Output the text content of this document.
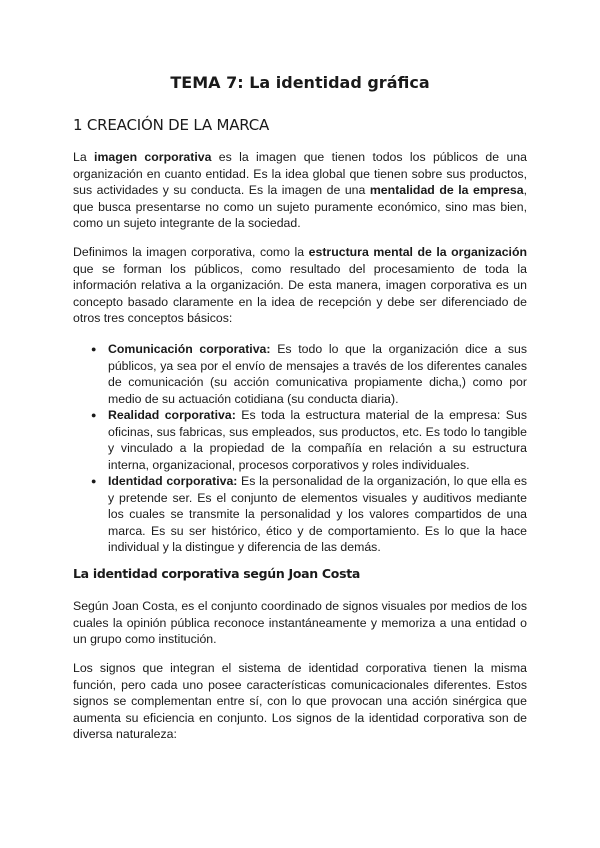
TEMA 7: La identidad gráfica
1 CREACIÓN DE LA MARCA

La imagen corporativa es la imagen que tienen todos los públicos de una organización en cuanto entidad. Es la idea global que tienen sobre sus productos, sus actividades y su conducta. Es la imagen de una mentalidad de la empresa, que busca presentarse no como un sujeto puramente económico, sino mas bien, como un sujeto integrante de la sociedad.

Definimos la imagen corporativa, como la estructura mental de la organización que se forman los públicos, como resultado del procesamiento de toda la información relativa a la organización. De esta manera, imagen corporativa es un concepto basado claramente en la idea de recepción y debe ser diferenciado de otros tres conceptos básicos:

● Comunicación corporativa: Es todo lo que la organización dice a sus públicos, ya sea por el envío de mensajes a través de los diferentes canales de comunicación (su acción comunicativa propiamente dicha,) como por medio de su actuación cotidiana (su conducta diaria).
● Realidad corporativa: Es toda la estructura material de la empresa: Sus oficinas, sus fabricas, sus empleados, sus productos, etc. Es todo lo tangible y vinculado a la propiedad de la compañía en relación a su estructura interna, organizacional, procesos corporativos y roles individuales.
● Identidad corporativa: Es la personalidad de la organización, lo que ella es y pretende ser. Es el conjunto de elementos visuales y auditivos mediante los cuales se transmite la personalidad y los valores compartidos de una marca. Es su ser histórico, ético y de comportamiento. Es lo que la hace individual y la distingue y diferencia de las demás.
La identidad corporativa según Joan Costa

Según Joan Costa, es el conjunto coordinado de signos visuales por medios de los cuales la opinión pública reconoce instantáneamente y memoriza a una entidad o un grupo como institución.

Los signos que integran el sistema de identidad corporativa tienen la misma función, pero cada uno posee características comunicacionales diferentes. Estos signos se complementan entre sí, con lo que provocan una acción sinérgica que aumenta su eficiencia en conjunto. Los signos de la identidad corporativa son de diversa naturaleza:
